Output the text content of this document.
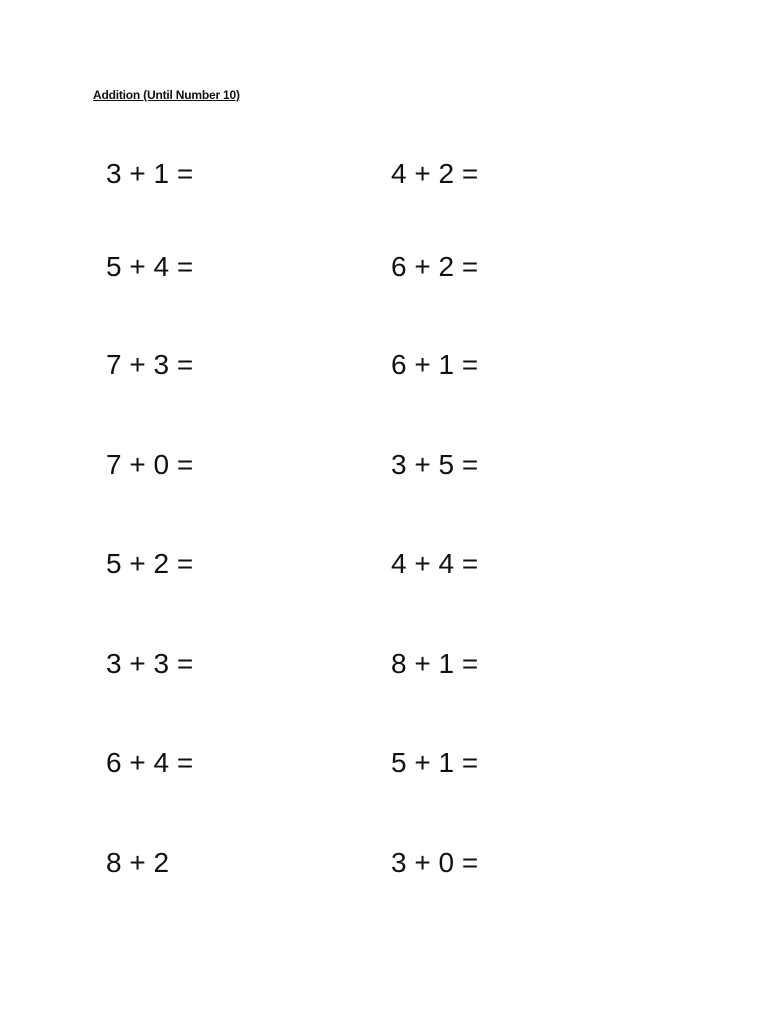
Additi⁠on (Unti⁠l Number 10)
3 + 1 =
5 + 4 =
7 + 3 =
7 + 0 =
5 + 2 =
3 + 3 =
6 + 4 =
8 + 2
4 + 2 =
6 + 2 =
6 + 1 =
3 + 5 =
4 + 4 =
8 + 1 =
5 + 1 =
3 + 0 =
